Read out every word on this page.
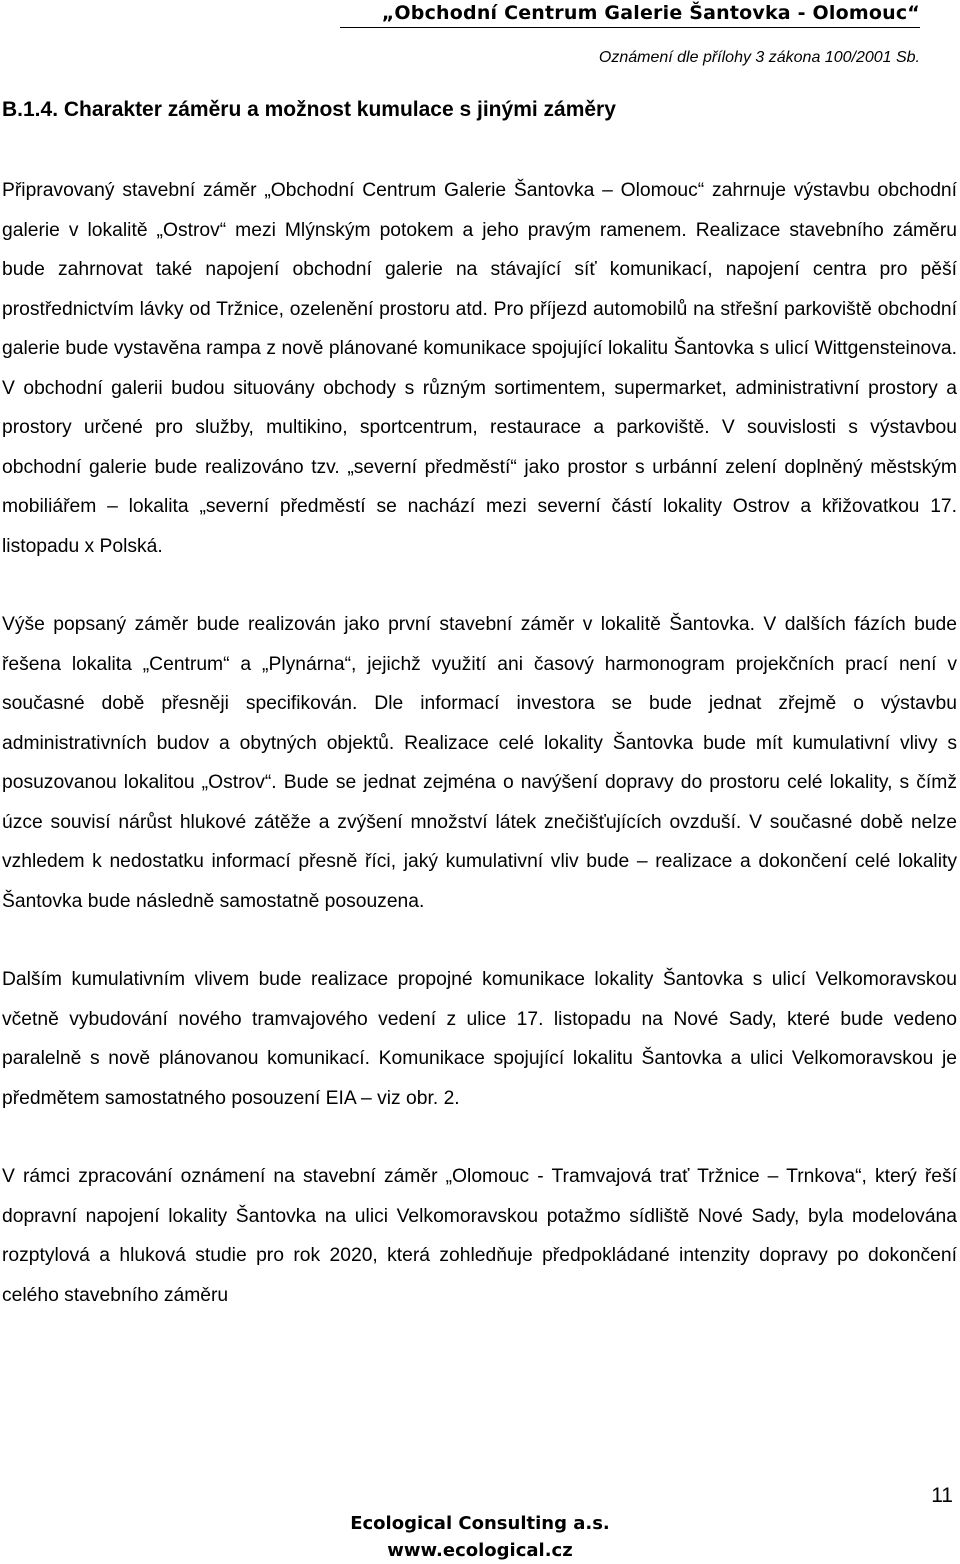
„Obchodní Centrum Galerie Šantovka - Olomouc“
Oznámení dle přílohy 3 zákona 100/2001 Sb.
B.1.4. Charakter záměru a možnost kumulace s jinými záměry

Připravovaný stavební záměr „Obchodní Centrum Galerie Šantovka – Olomouc“ zahrnuje výstavbu obchodní galerie v lokalitě „Ostrov“ mezi Mlýnským potokem a jeho pravým ramenem. Realizace stavebního záměru bude zahrnovat také napojení obchodní galerie na stávající síť komunikací, napojení centra pro pěší prostřednictvím lávky od Tržnice, ozelenění prostoru atd. Pro příjezd automobilů na střešní parkoviště obchodní galerie bude vystavěna rampa z nově plánované komunikace spojující lokalitu Šantovka s ulicí Wittgensteinova. V obchodní galerii budou situovány obchody s různým sortimentem, supermarket, administrativní prostory a prostory určené pro služby, multikino, sportcentrum, restaurace a parkoviště. V souvislosti s výstavbou obchodní galerie bude realizováno tzv. „severní předměstí“ jako prostor s urbánní zelení doplněný městským mobiliářem – lokalita „severní předměstí se nachází mezi severní částí lokality Ostrov a křižovatkou 17. listopadu x Polská.

Výše popsaný záměr bude realizován jako první stavební záměr v lokalitě Šantovka. V dalších fázích bude řešena lokalita „Centrum“ a „Plynárna“, jejichž využití ani časový harmonogram projekčních prací není v současné době přesněji specifikován. Dle informací investora se bude jednat zřejmě o výstavbu administrativních budov a obytných objektů. Realizace celé lokality Šantovka bude mít kumulativní vlivy s posuzovanou lokalitou „Ostrov“. Bude se jednat zejména o navýšení dopravy do prostoru celé lokality, s čímž úzce souvisí nárůst hlukové zátěže a zvýšení množství látek znečišťujících ovzduší. V současné době nelze vzhledem k nedostatku informací přesně říci, jaký kumulativní vliv bude – realizace a dokončení celé lokality Šantovka bude následně samostatně posouzena.

Dalším kumulativním vlivem bude realizace propojné komunikace lokality Šantovka s ulicí Velkomoravskou včetně vybudování nového tramvajového vedení z ulice 17. listopadu na Nové Sady, které bude vedeno paralelně s nově plánovanou komunikací. Komunikace spojující lokalitu Šantovka a ulici Velkomoravskou je předmětem samostatného posouzení EIA – viz obr. 2.

V rámci zpracování oznámení na stavební záměr „Olomouc - Tramvajová trať Tržnice – Trnkova“, který řeší dopravní napojení lokality Šantovka na ulici Velkomoravskou potažmo sídliště Nové Sady, byla modelována rozptylová a hluková studie pro rok 2020, která zohledňuje předpokládané intenzity dopravy po dokončení celého stavebního záměru

11
Ecological Consulting a.s.
www.ecological.cz
